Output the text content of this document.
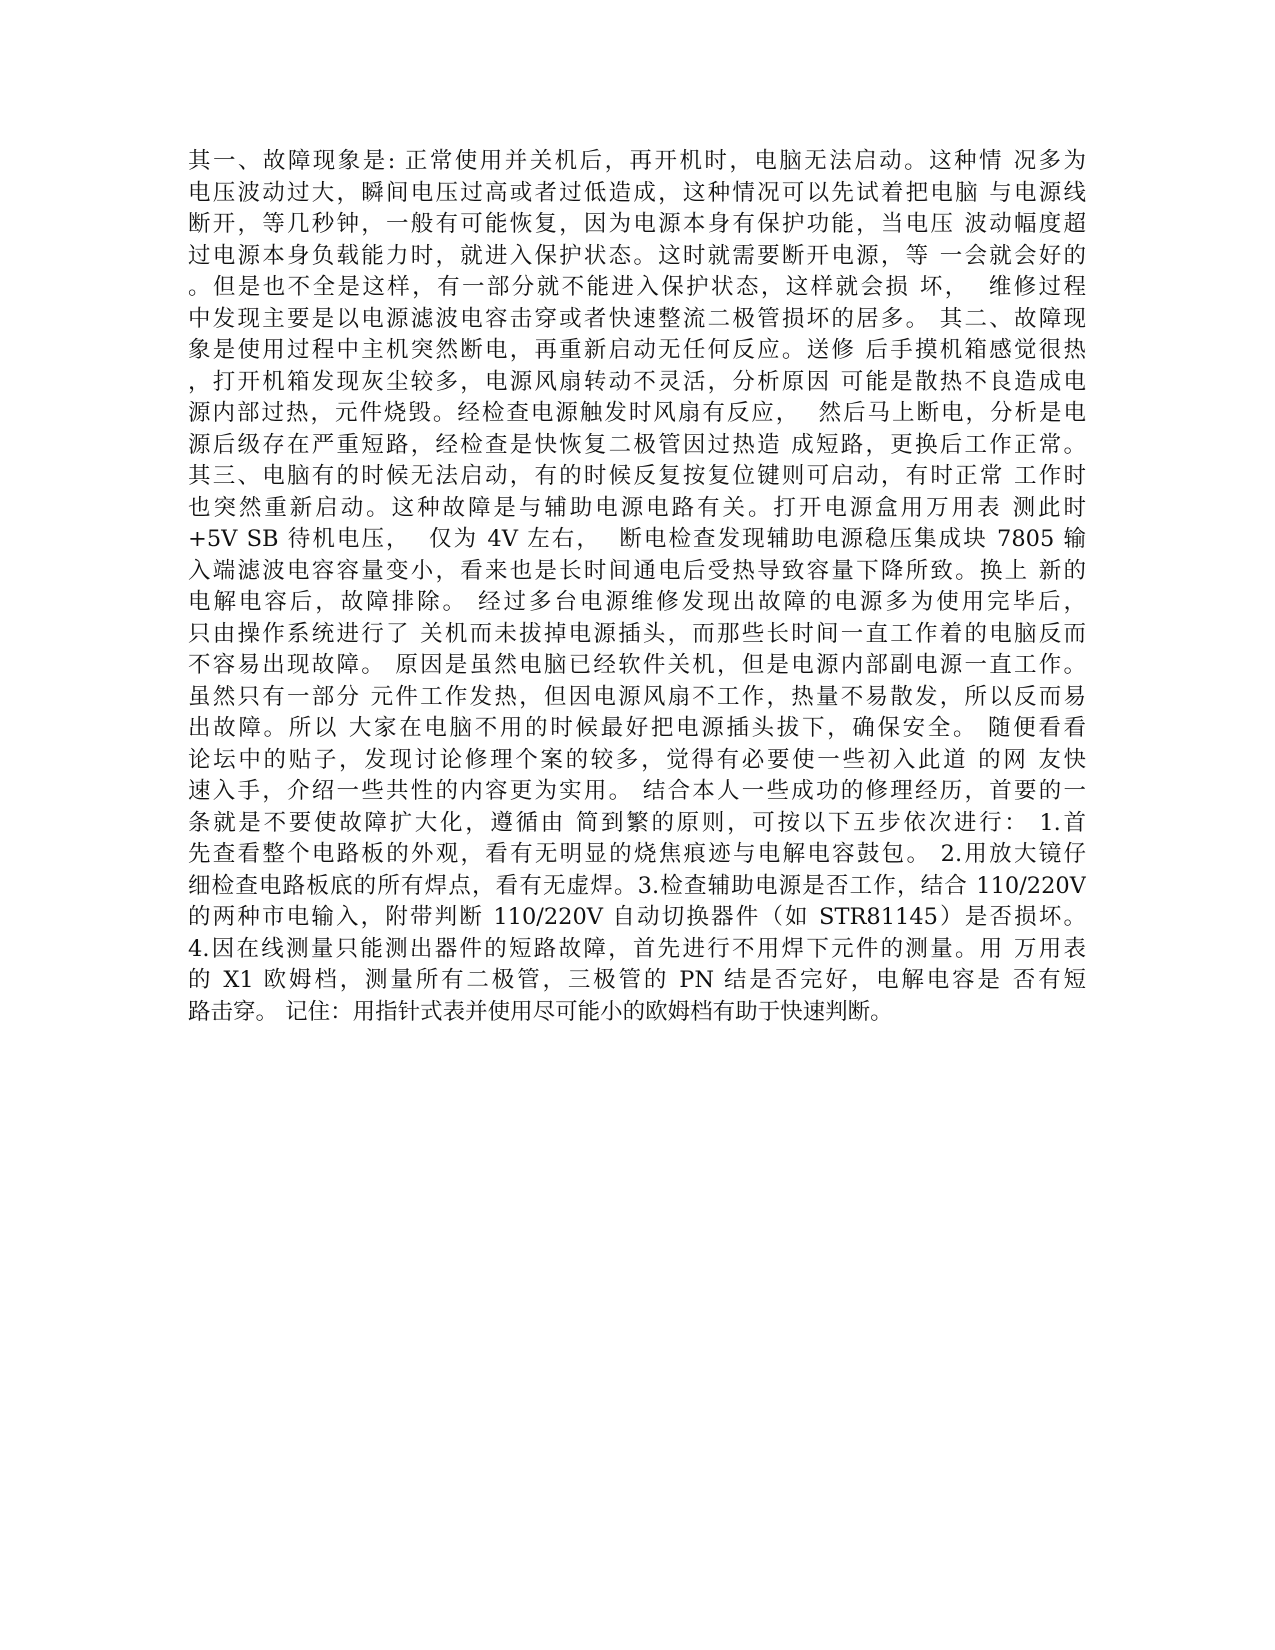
其一、故障现象是: 正常使用并关机后，再开机时，电脑无法启动。这种情 况多为
电压波动过大，瞬间电压过高或者过低造成，这种情况可以先试着把电脑 与电源线
断开，等几秒钟，一般有可能恢复，因为电源本身有保护功能，当电压 波动幅度超
过电源本身负载能力时，就进入保护状态。这时就需要断开电源，等 一会就会好的
。但是也不全是这样，有一部分就不能进入保护状态，这样就会损 坏，  维修过程
中发现主要是以电源滤波电容击穿或者快速整流二极管损坏的居多。 其二、故障现
象是使用过程中主机突然断电，再重新启动无任何反应。送修 后手摸机箱感觉很热
，打开机箱发现灰尘较多，电源风扇转动不灵活，分析原因 可能是散热不良造成电
源内部过热，元件烧毁。经检查电源触发时风扇有反应，  然后马上断电，分析是电
源后级存在严重短路，经检查是快恢复二极管因过热造 成短路，更换后工作正常。
其三、电脑有的时候无法启动，有的时候反复按复位键则可启动，有时正常 工作时
也突然重新启动。这种故障是与辅助电源电路有关。打开电源盒用万用表 测此时
+5V SB 待机电压，  仅为 4V 左右，  断电检查发现辅助电源稳压集成块 7805 输
入端滤波电容容量变小，看来也是长时间通电后受热导致容量下降所致。换上 新的
电解电容后，故障排除。 经过多台电源维修发现出故障的电源多为使用完毕后，
只由操作系统进行了 关机而未拔掉电源插头，而那些长时间一直工作着的电脑反而
不容易出现故障。 原因是虽然电脑已经软件关机，但是电源内部副电源一直工作。
虽然只有一部分 元件工作发热，但因电源风扇不工作，热量不易散发，所以反而易
出故障。所以 大家在电脑不用的时候最好把电源插头拔下，确保安全。 随便看看
论坛中的贴子，发现讨论修理个案的较多，觉得有必要使一些初入此道 的网 友快
速入手，介绍一些共性的内容更为实用。 结合本人一些成功的修理经历，首要的一
条就是不要使故障扩大化，遵循由 简到繁的原则，可按以下五步依次进行： 1.首
先查看整个电路板的外观，看有无明显的烧焦痕迹与电解电容鼓包。 2.用放大镜仔
细检查电路板底的所有焊点，看有无虚焊。3.检查辅助电源是否工作，结合 110/220V
的两种市电输入，附带判断 110/220V 自动切换器件（如 STR81145）是否损坏。
4.因在线测量只能测出器件的短路故障，首先进行不用焊下元件的测量。用 万用表
的 X1 欧姆档，测量所有二极管，三极管的 PN 结是否完好，电解电容是 否有短
路击穿。 记住：用指针式表并使用尽可能小的欧姆档有助于快速判断。
